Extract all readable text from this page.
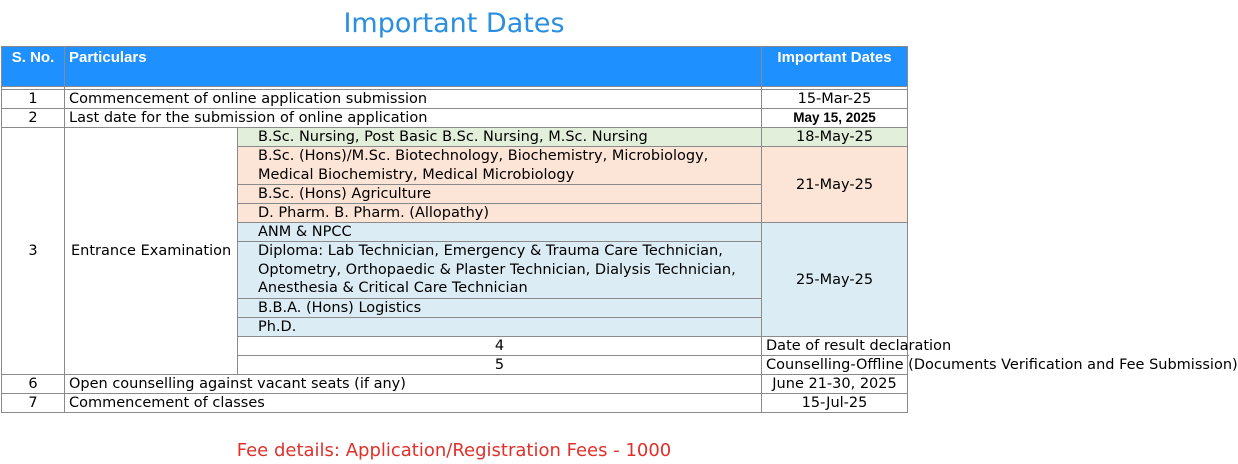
Important Dates
S. No.	Particulars		Important Dates	

1	Commencement of online application submission		15-Mar-25	
2	Last date for the submission of online application		May 15, 2025	
3	Entrance Examination	B.Sc. Nursing, Post Basic B.Sc. Nursing, M.Sc. Nursing	18-May-25	
		B.Sc. (Hons)/M.Sc. Biotechnology, Biochemistry, Microbiology, Medical Biochemistry, Medical Microbiology	21-May-25	
		B.Sc. (Hons) Agriculture		
		D. Pharm. B. Pharm. (Allopathy)		
		ANM & NPCC	25-May-25	
		Diploma: Lab Technician, Emergency & Trauma Care Technician, Optometry, Orthopaedic & Plaster Technician, Dialysis Technician, Anesthesia & Critical Care Technician		
		B.B.A. (Hons) Logistics		
		Ph.D.		
		4	Date of result declaration	
		5	Counselling-Offline (Documents Verification and Fee Submission)	
6	Open counselling against vacant seats (if any)		June 21-30, 2025	
7	Commencement of classes		15-Jul-25	
Fee details: Application/Registration Fees - 1000
